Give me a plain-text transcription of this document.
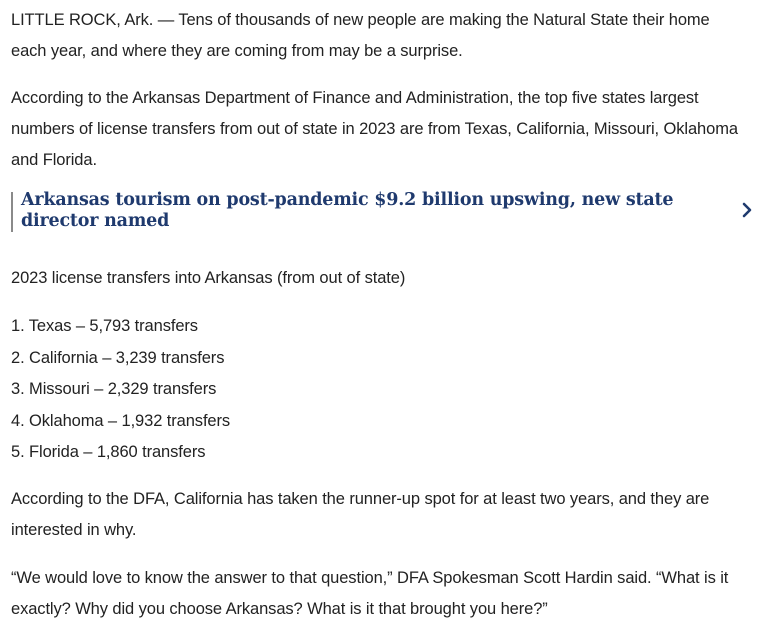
LITTLE ROCK, Ark. — Tens of thousands of new people are making the Natural State their home each year, and where they are coming from may be a surprise.

According to the Arkansas Department of Finance and Administration, the top five states largest numbers of license transfers from out of state in 2023 are from Texas, California, Missouri, Oklahoma and Florida.

Arkansas tourism on post-pandemic $9.2 billion upswing, new state director named

2023 license transfers into Arkansas (from out of state)

1. Texas – 5,793 transfers
2. California – 3,239 transfers
3. Missouri – 2,329 transfers
4. Oklahoma – 1,932 transfers
5. Florida – 1,860 transfers

According to the DFA, California has taken the runner-up spot for at least two years, and they are interested in why.

“We would love to know the answer to that question,” DFA Spokesman Scott Hardin said. “What is it exactly? Why did you choose Arkansas? What is it that brought you here?”
